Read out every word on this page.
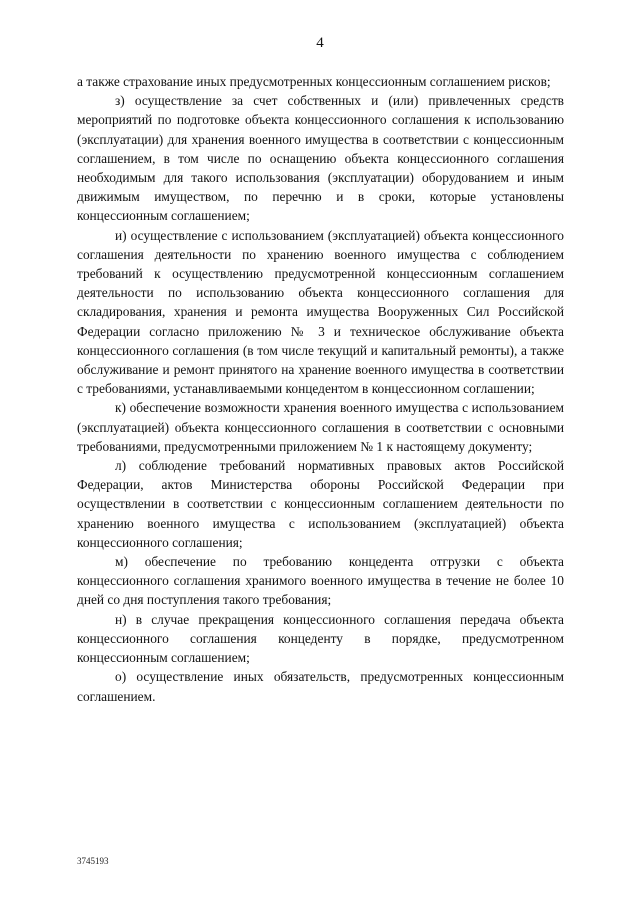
4

а также страхование иных предусмотренных концессионным соглашением рисков;

з) осуществление за счет собственных и (или) привлеченных средств мероприятий по подготовке объекта концессионного соглашения к использованию (эксплуатации) для хранения военного имущества в соответствии с концессионным соглашением, в том числе по оснащению объекта концессионного соглашения необходимым для такого использования (эксплуатации) оборудованием и иным движимым имуществом, по перечню и в сроки, которые установлены концессионным соглашением;

и) осуществление с использованием (эксплуатацией) объекта концессионного соглашения деятельности по хранению военного имущества с соблюдением требований к осуществлению предусмотренной концессионным соглашением деятельности по использованию объекта концессионного соглашения для складирования, хранения и ремонта имущества Вооруженных Сил Российской Федерации согласно приложению № 3 и техническое обслуживание объекта концессионного соглашения (в том числе текущий и капитальный ремонты), а также обслуживание и ремонт принятого на хранение военного имущества в соответствии с требованиями, устанавливаемыми концедентом в концессионном соглашении;

к) обеспечение возможности хранения военного имущества с использованием (эксплуатацией) объекта концессионного соглашения в соответствии с основными требованиями, предусмотренными приложением № 1 к настоящему документу;

л) соблюдение требований нормативных правовых актов Российской Федерации, актов Министерства обороны Российской Федерации при осуществлении в соответствии с концессионным соглашением деятельности по хранению военного имущества с использованием (эксплуатацией) объекта концессионного соглашения;

м) обеспечение по требованию концедента отгрузки с объекта концессионного соглашения хранимого военного имущества в течение не более 10 дней со дня поступления такого требования;

н) в случае прекращения концессионного соглашения передача объекта концессионного соглашения концеденту в порядке, предусмотренном концессионным соглашением;

о) осуществление иных обязательств, предусмотренных концессионным соглашением.

3745193
